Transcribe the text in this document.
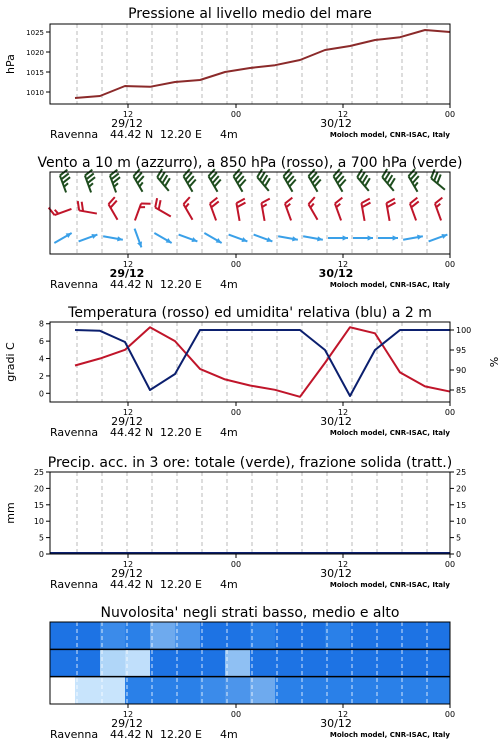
Pressione al livello medio del mare
1010
1015
1020
1025
hPa
12	00	12	00
29/12	30/12
Ravenna 44.42 N 12.20 E 4m	Moloch model, CNR-ISAC, Italy
Vento a 10 m (azzurro), a 850 hPa (rosso), a 700 hPa (verde)
12	00	12	00
29/12	30/12
Ravenna 44.42 N 12.20 E 4m	Moloch model, CNR-ISAC, Italy
Temperatura (rosso) ed umidita' relativa (blu) a 2 m
0
2
4
6
8
gradi C
85
90
95
100
%
12	00	12	00
29/12	30/12
Ravenna 44.42 N 12.20 E 4m	Moloch model, CNR-ISAC, Italy
Precip. acc. in 3 ore: totale (verde), frazione solida (tratt.)
0
5
10
15
20
25
mm
0
5
10
15
20
25
12	00	12	00
29/12	30/12
Ravenna 44.42 N 12.20 E 4m	Moloch model, CNR-ISAC, Italy
Nuvolosita' negli strati basso, medio e alto
12	00	12	00
29/12	30/12
Ravenna 44.42 N 12.20 E 4m	Moloch model, CNR-ISAC, Italy
